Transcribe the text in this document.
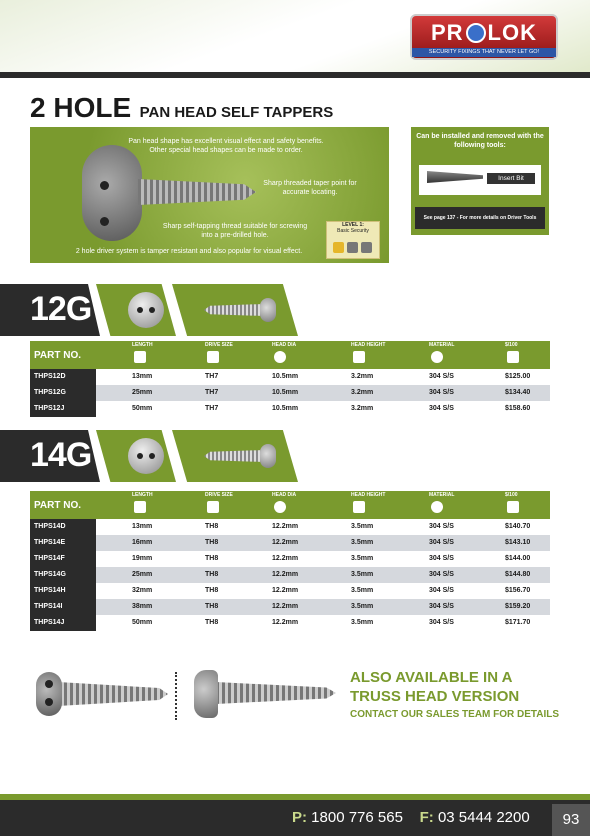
PR LOK
SECURITY FIXINGS THAT NEVER LET GO!
2 HOLE PAN HEAD SELF TAPPERS
Pan head shape has excellent visual effect and safety benefits. Other special head shapes can be made to order.
Sharp threaded taper point for accurate locating.
Sharp self-tapping thread suitable for screwing into a pre-drilled hole.
2 hole driver system is tamper resistant and also popular for visual effect.
LEVEL 1:
Basic Security
Can be installed and removed with the following tools:
Insert Bit
See page 137 - For more details on Driver Tools
12G
PART NO.
LENGTH	DRIVE SIZE	HEAD DIA	HEAD HEIGHT	MATERIAL	$/100
THPS12D	13mm	TH7	10.5mm	3.2mm	304 S/S	$125.00
THPS12G	25mm	TH7	10.5mm	3.2mm	304 S/S	$134.40
THPS12J	50mm	TH7	10.5mm	3.2mm	304 S/S	$158.60
14G
PART NO.
LENGTH	DRIVE SIZE	HEAD DIA	HEAD HEIGHT	MATERIAL	$/100
THPS14D	13mm	TH8	12.2mm	3.5mm	304 S/S	$140.70
THPS14E	16mm	TH8	12.2mm	3.5mm	304 S/S	$143.10
THPS14F	19mm	TH8	12.2mm	3.5mm	304 S/S	$144.00
THPS14G	25mm	TH8	12.2mm	3.5mm	304 S/S	$144.80
THPS14H	32mm	TH8	12.2mm	3.5mm	304 S/S	$156.70
THPS14I	38mm	TH8	12.2mm	3.5mm	304 S/S	$159.20
THPS14J	50mm	TH8	12.2mm	3.5mm	304 S/S	$171.70
ALSO AVAILABLE IN A
TRUSS HEAD VERSION
CONTACT OUR SALES TEAM FOR DETAILS
P: 1800 776 565 F: 03 5444 2200	93
